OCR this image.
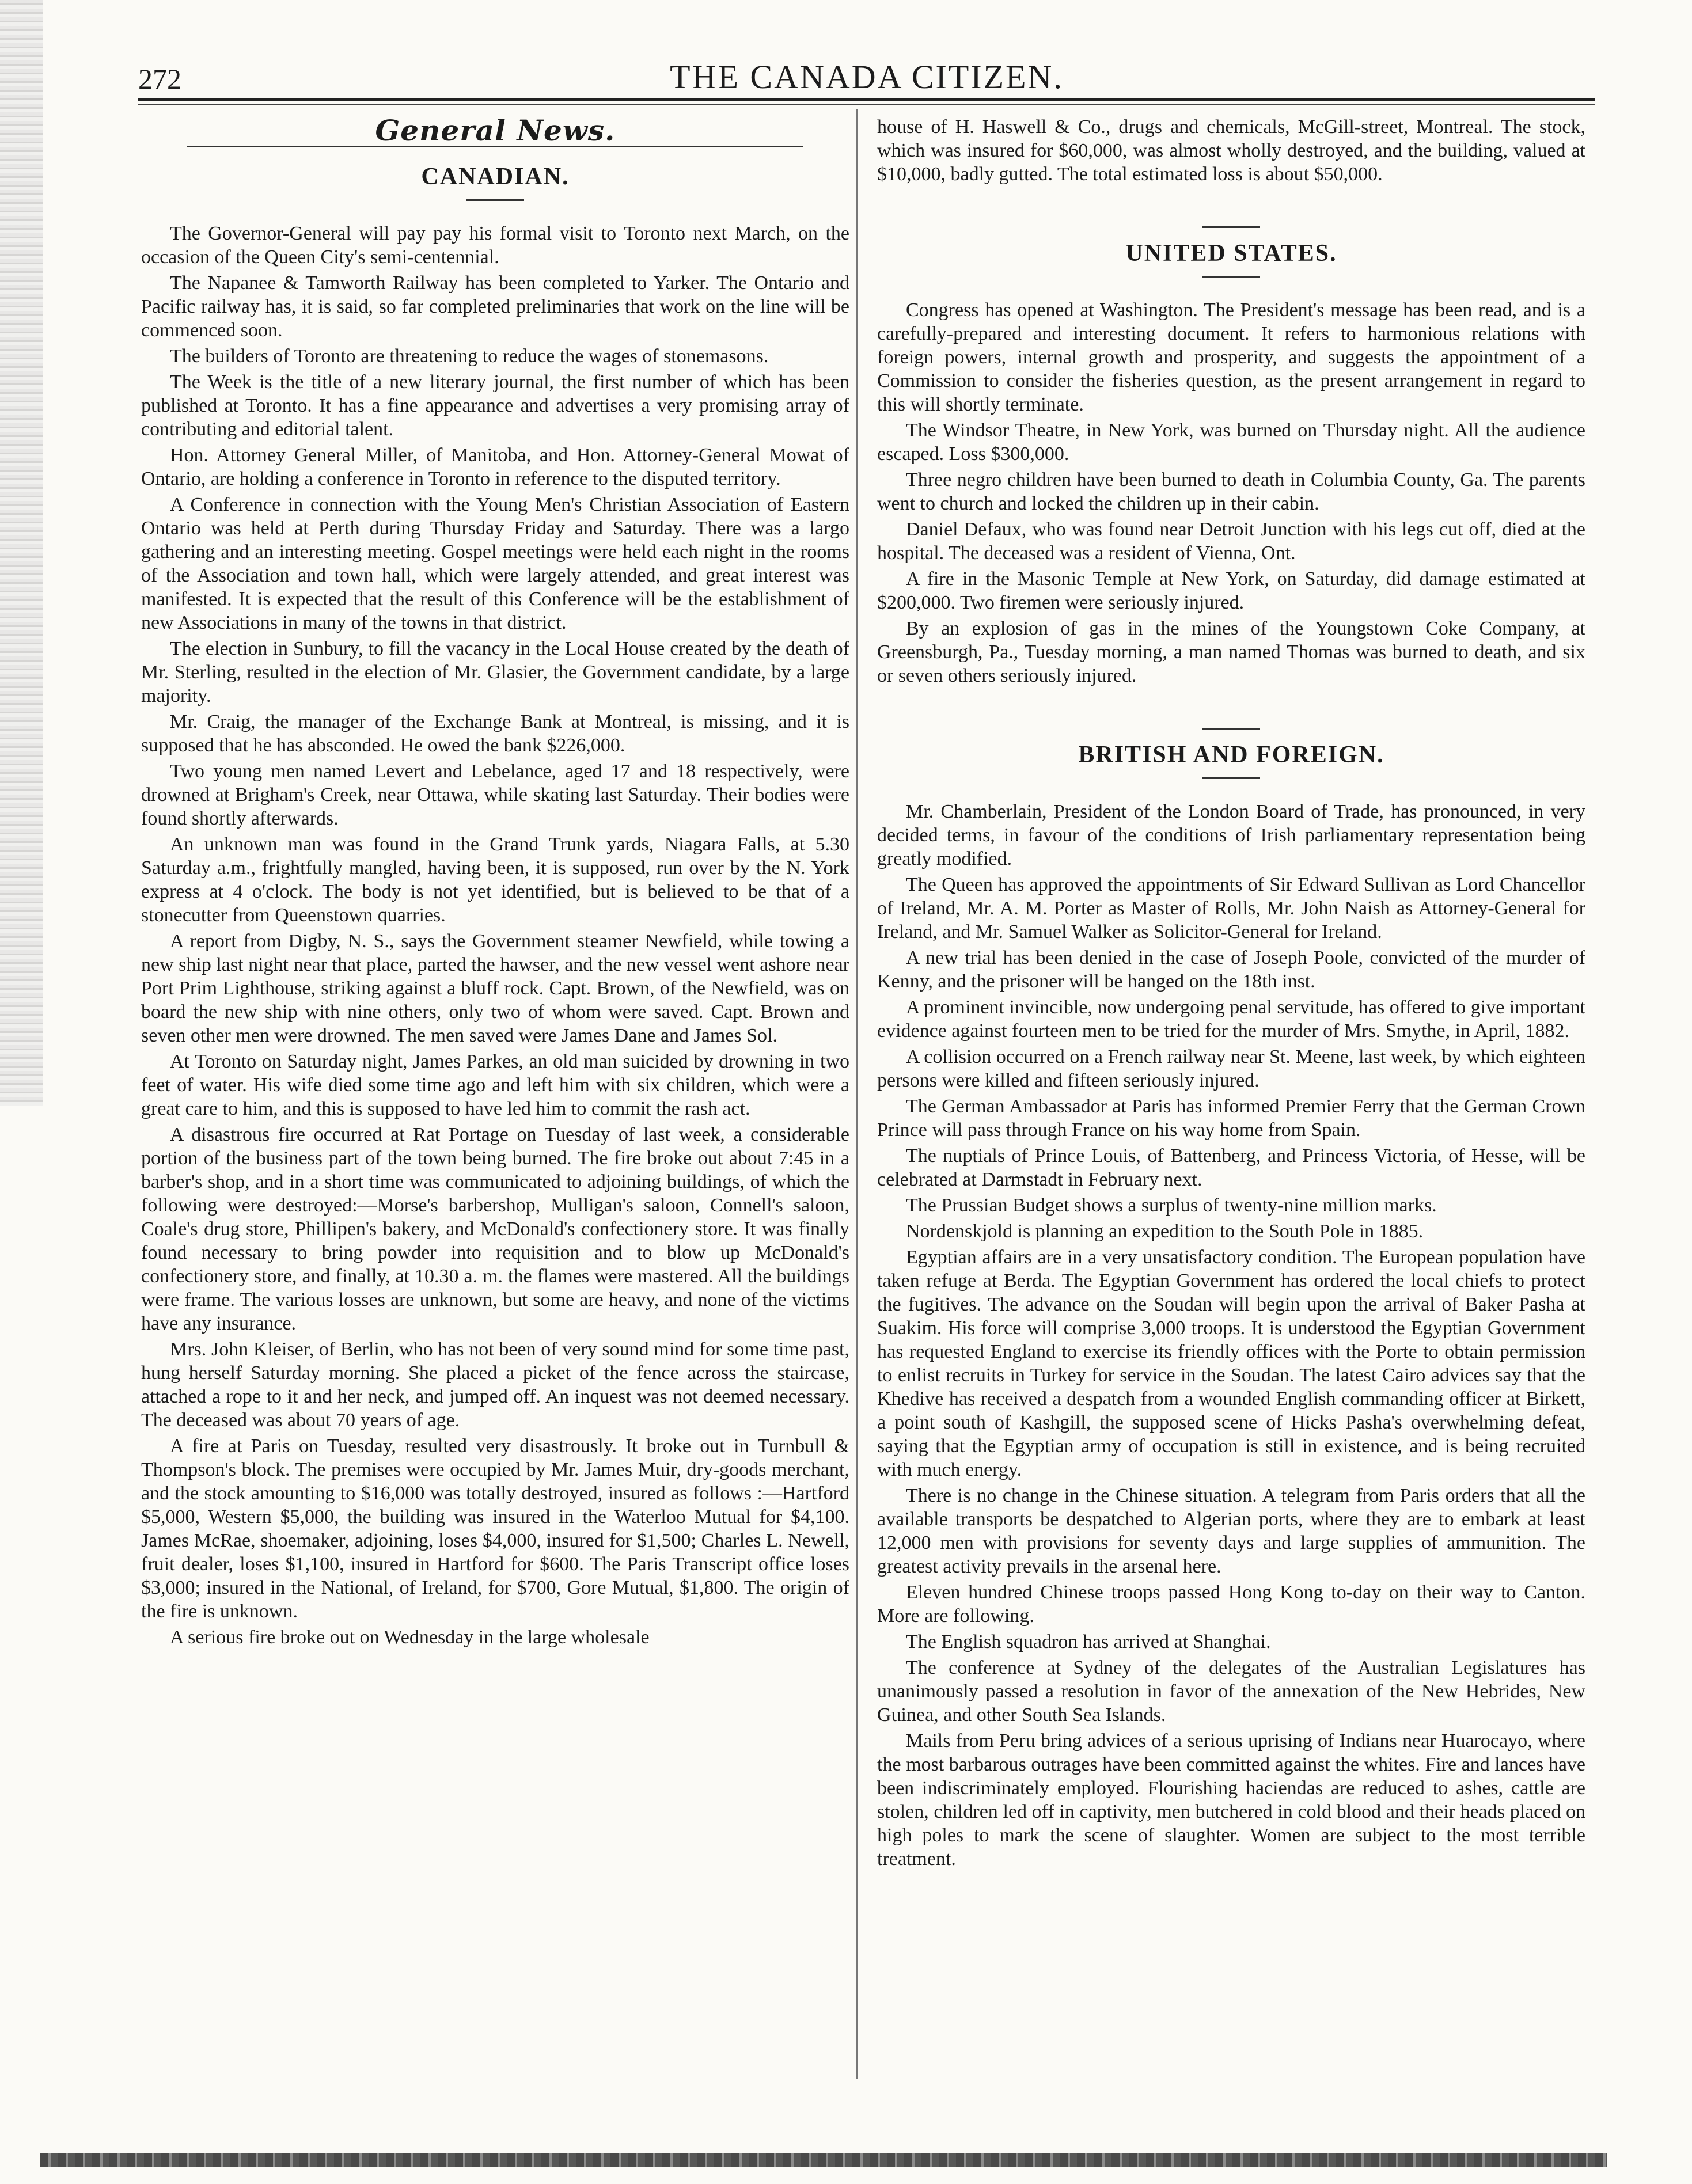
272	THE CANADA CITIZEN.
General News.
CANADIAN.

The Governor-General will pay pay his formal visit to Toronto next March, on the occasion of the Queen City's semi-centennial.

The Napanee & Tamworth Railway has been completed to Yarker. The Ontario and Pacific railway has, it is said, so far completed preliminaries that work on the line will be commenced soon.

The builders of Toronto are threatening to reduce the wages of stonemasons.

The Week is the title of a new literary journal, the first number of which has been published at Toronto. It has a fine appearance and advertises a very promising array of contributing and editorial talent.

Hon. Attorney General Miller, of Manitoba, and Hon. Attorney-General Mowat of Ontario, are holding a conference in Toronto in reference to the disputed territory.

A Conference in connection with the Young Men's Christian Association of Eastern Ontario was held at Perth during Thursday Friday and Saturday. There was a largo gathering and an interesting meeting. Gospel meetings were held each night in the rooms of the Association and town hall, which were largely attended, and great interest was manifested. It is expected that the result of this Conference will be the establishment of new Associations in many of the towns in that district.

The election in Sunbury, to fill the vacancy in the Local House created by the death of Mr. Sterling, resulted in the election of Mr. Glasier, the Government candidate, by a large majority.

Mr. Craig, the manager of the Exchange Bank at Montreal, is missing, and it is supposed that he has absconded. He owed the bank $226,000.

Two young men named Levert and Lebelance, aged 17 and 18 respectively, were drowned at Brigham's Creek, near Ottawa, while skating last Saturday. Their bodies were found shortly afterwards.

An unknown man was found in the Grand Trunk yards, Niagara Falls, at 5.30 Saturday a.m., frightfully mangled, having been, it is supposed, run over by the N. York express at 4 o'clock. The body is not yet identified, but is believed to be that of a stonecutter from Queenstown quarries.

A report from Digby, N. S., says the Government steamer Newfield, while towing a new ship last night near that place, parted the hawser, and the new vessel went ashore near Port Prim Lighthouse, striking against a bluff rock. Capt. Brown, of the Newfield, was on board the new ship with nine others, only two of whom were saved. Capt. Brown and seven other men were drowned. The men saved were James Dane and James Sol.

At Toronto on Saturday night, James Parkes, an old man suicided by drowning in two feet of water. His wife died some time ago and left him with six children, which were a great care to him, and this is supposed to have led him to commit the rash act.

A disastrous fire occurred at Rat Portage on Tuesday of last week, a considerable portion of the business part of the town being burned. The fire broke out about 7:45 in a barber's shop, and in a short time was communicated to adjoining buildings, of which the following were destroyed:—Morse's barbershop, Mulligan's saloon, Connell's saloon, Coale's drug store, Phillipen's bakery, and McDonald's confectionery store. It was finally found necessary to bring powder into requisition and to blow up McDonald's confectionery store, and finally, at 10.30 a. m. the flames were mastered. All the buildings were frame. The various losses are unknown, but some are heavy, and none of the victims have any insurance.

Mrs. John Kleiser, of Berlin, who has not been of very sound mind for some time past, hung herself Saturday morning. She placed a picket of the fence across the staircase, attached a rope to it and her neck, and jumped off. An inquest was not deemed necessary. The deceased was about 70 years of age.

A fire at Paris on Tuesday, resulted very disastrously. It broke out in Turnbull & Thompson's block. The premises were occupied by Mr. James Muir, dry-goods merchant, and the stock amounting to $16,000 was totally destroyed, insured as follows :—Hartford $5,000, Western $5,000, the building was insured in the Waterloo Mutual for $4,100. James McRae, shoemaker, adjoining, loses $4,000, insured for $1,500; Charles L. Newell, fruit dealer, loses $1,100, insured in Hartford for $600. The Paris Transcript office loses $3,000; insured in the National, of Ireland, for $700, Gore Mutual, $1,800. The origin of the fire is unknown.

A serious fire broke out on Wednesday in the large wholesale

house of H. Haswell & Co., drugs and chemicals, McGill-street, Montreal. The stock, which was insured for $60,000, was almost wholly destroyed, and the building, valued at $10,000, badly gutted. The total estimated loss is about $50,000.

UNITED STATES.

Congress has opened at Washington. The President's message has been read, and is a carefully-prepared and interesting document. It refers to harmonious relations with foreign powers, internal growth and prosperity, and suggests the appointment of a Commission to consider the fisheries question, as the present arrangement in regard to this will shortly terminate.

The Windsor Theatre, in New York, was burned on Thursday night. All the audience escaped. Loss $300,000.

Three negro children have been burned to death in Columbia County, Ga. The parents went to church and locked the children up in their cabin.

Daniel Defaux, who was found near Detroit Junction with his legs cut off, died at the hospital. The deceased was a resident of Vienna, Ont.

A fire in the Masonic Temple at New York, on Saturday, did damage estimated at $200,000. Two firemen were seriously injured.

By an explosion of gas in the mines of the Youngstown Coke Company, at Greensburgh, Pa., Tuesday morning, a man named Thomas was burned to death, and six or seven others seriously injured.

BRITISH AND FOREIGN.

Mr. Chamberlain, President of the London Board of Trade, has pronounced, in very decided terms, in favour of the conditions of Irish parliamentary representation being greatly modified.

The Queen has approved the appointments of Sir Edward Sullivan as Lord Chancellor of Ireland, Mr. A. M. Porter as Master of Rolls, Mr. John Naish as Attorney-General for Ireland, and Mr. Samuel Walker as Solicitor-General for Ireland.

A new trial has been denied in the case of Joseph Poole, convicted of the murder of Kenny, and the prisoner will be hanged on the 18th inst.

A prominent invincible, now undergoing penal servitude, has offered to give important evidence against fourteen men to be tried for the murder of Mrs. Smythe, in April, 1882.

A collision occurred on a French railway near St. Meene, last week, by which eighteen persons were killed and fifteen seriously injured.

The German Ambassador at Paris has informed Premier Ferry that the German Crown Prince will pass through France on his way home from Spain.

The nuptials of Prince Louis, of Battenberg, and Princess Victoria, of Hesse, will be celebrated at Darmstadt in February next.

The Prussian Budget shows a surplus of twenty-nine million marks.

Nordenskjold is planning an expedition to the South Pole in 1885.

Egyptian affairs are in a very unsatisfactory condition. The European population have taken refuge at Berda. The Egyptian Government has ordered the local chiefs to protect the fugitives. The advance on the Soudan will begin upon the arrival of Baker Pasha at Suakim. His force will comprise 3,000 troops. It is understood the Egyptian Government has requested England to exercise its friendly offices with the Porte to obtain permission to enlist recruits in Turkey for service in the Soudan. The latest Cairo advices say that the Khedive has received a despatch from a wounded English commanding officer at Birkett, a point south of Kashgill, the supposed scene of Hicks Pasha's overwhelming defeat, saying that the Egyptian army of occupation is still in existence, and is being recruited with much energy.

There is no change in the Chinese situation. A telegram from Paris orders that all the available transports be despatched to Algerian ports, where they are to embark at least 12,000 men with provisions for seventy days and large supplies of ammunition. The greatest activity prevails in the arsenal here.

Eleven hundred Chinese troops passed Hong Kong to-day on their way to Canton. More are following.

The English squadron has arrived at Shanghai.

The conference at Sydney of the delegates of the Australian Legislatures has unanimously passed a resolution in favor of the annexation of the New Hebrides, New Guinea, and other South Sea Islands.

Mails from Peru bring advices of a serious uprising of Indians near Huarocayo, where the most barbarous outrages have been committed against the whites. Fire and lances have been indiscriminately employed. Flourishing haciendas are reduced to ashes, cattle are stolen, children led off in captivity, men butchered in cold blood and their heads placed on high poles to mark the scene of slaughter. Women are subject to the most terrible treatment.
